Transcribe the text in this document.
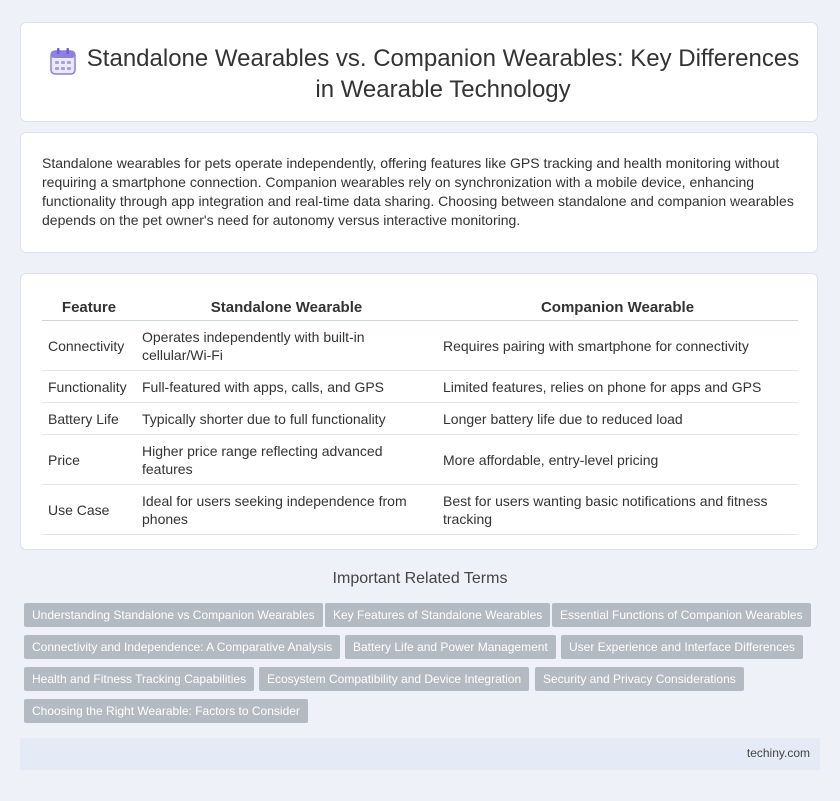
Standalone Wearables vs. Companion Wearables: Key Differences in Wearable Technology

Standalone wearables for pets operate independently, offering features like GPS tracking and health monitoring without requiring a smartphone connection. Companion wearables rely on synchronization with a mobile device, enhancing functionality through app integration and real-time data sharing. Choosing between standalone and companion wearables depends on the pet owner's need for autonomy versus interactive monitoring.

Feature	Standalone Wearable	Companion Wearable
Connectivity	Operates independently with built-in cellular/Wi-Fi	Requires pairing with smartphone for connectivity
Functionality	Full-featured with apps, calls, and GPS	Limited features, relies on phone for apps and GPS
Battery Life	Typically shorter due to full functionality	Longer battery life due to reduced load
Price	Higher price range reflecting advanced features	More affordable, entry-level pricing
Use Case	Ideal for users seeking independence from phones	Best for users wanting basic notifications and fitness tracking
Important Related Terms
Understanding Standalone vs Companion Wearables	Key Features of Standalone Wearables	Essential Functions of Companion Wearables
Connectivity and Independence: A Comparative Analysis	Battery Life and Power Management	User Experience and Interface Differences
Health and Fitness Tracking Capabilities	Ecosystem Compatibility and Device Integration	Security and Privacy Considerations
Choosing the Right Wearable: Factors to Consider
techiny.com
